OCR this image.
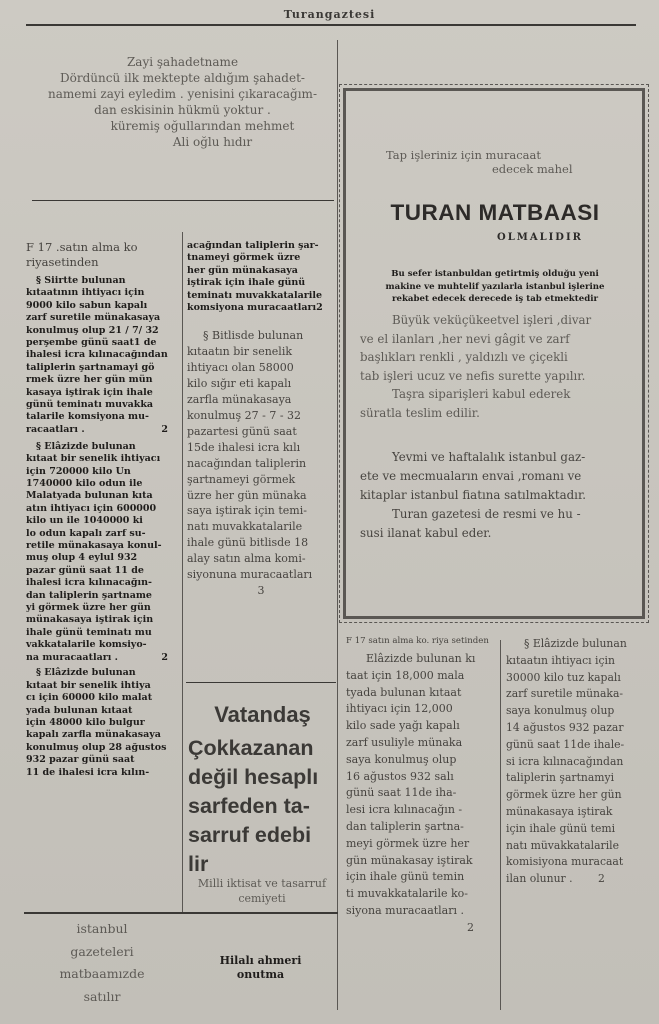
Turangaztesi

Zayi şahadetname

Dördüncü ilk mektepte aldığım şahadet-

namemi zayi eyledim . yenisini çıkaracağım-

dan eskisinin hükmü yoktur .

küremiş oğullarından mehmet

Ali oğlu hıdır

F 17 .satın alma ko riyasetinden

§ Siirtte bulunan

kıtaatının ihtiyacı için

9000 kilo sabun kapalı

zarf suretile münakasaya

konulmuş olup 21 / 7/ 32

perşembe günü saat1 de

ihalesi icra kılınacağından

taliplerin şartnamayi gö

rmek üzre her gün mün

kasaya iştirak için ihale

günü teminatı muvakka

talarile komsiyona mu-

racaatları .	2

§ Elâzizde bulunan

kıtaat bir senelik ihtiyacı

için 720000 kilo Un

1740000 kilo odun ile

Malatyada bulunan kıta

atın ihtiyacı için 600000

kilo un ile 1040000 ki

lo odun kapalı zarf su-

retile münakasaya konul-

muş olup 4 eylul 932

pazar günü saat 11 de

ihalesi icra kılınacağın-

dan taliplerin şartname

yi görmek üzre her gün

münakasaya iştirak için

ihale günü teminatı mu

vakkatalarile komsiyo-

na muracaatları .	2

§ Elâzizde bulunan

kıtaat bir senelik ihtiya

cı için 60000 kilo malat

yada bulunan kıtaat

için 48000 kilo bulgur

kapalı zarfla münakasaya

konulmuş olup 28 ağustos

932 pazar günü saat

11 de ihalesi icra kılın-

acağından taliplerin şar-

tnameyi görmek üzre

her gün münakasaya

iştirak için ihale günü

teminatı muvakkatalarile

komsiyona muracaatları2

§ Bitlisde bulunan

kıtaatın bir senelik

ihtiyacı olan 58000

kilo sığır eti kapalı

zarfla münakasaya

konulmuş 27 - 7 - 32

pazartesi günü saat

15de ihalesi icra kılı

nacağından taliplerin

şartnameyi görmek

üzre her gün münaka

saya iştirak için temi-

natı muvakkatalarile

ihale günü bitlisde 18

alay satın alma komi-

siyonuna muracaatları

3

Vatandaş

Çokkazanan

değil hesaplı

sarfeden ta-

sarruf edebi

lir

Milli iktisat ve tasarruf cemiyeti

istanbul

gazeteleri

matbaamızde

satılır

Hilalı ahmeri

onutma

Tap işleriniz için muracaat

edecek mahel

TURAN MATBAASI
OLMALIDIR

Bu sefer istanbuldan getirtmiş olduğu yeni

makine ve muhtelif yazılarla istanbul işlerine

rekabet edecek derecede iş tab etmektedir

Büyük veküçükeetvel işleri ,divar

ve el ilanları ,her nevi gâgit ve zarf

başlıkları renkli , yaldızlı ve çiçekli

tab işleri ucuz ve nefis surette yapılır.

Taşra siparişleri kabul ederek

süratla teslim edilir.

Yevmi ve haftalalık istanbul gaz-

ete ve mecmuaların envai ,romanı ve

kitaplar istanbul fiatına satılmaktadır.

Turan gazetesi de resmi ve hu -

susi ilanat kabul eder.

F 17 satın alma ko. riya setinden

Elâzizde bulunan kı

taat için 18,000 mala

tyada bulunan kıtaat

ihtiyacı için 12,000

kilo sade yağı kapalı

zarf usuliyle münaka

saya konulmuş olup

16 ağustos 932 salı

günü saat 11de iha-

lesi icra kılınacağın -

dan taliplerin şartna-

meyi görmek üzre her

gün münakasay iştirak

için ihale günü temin

ti muvakkatalarile ko-

siyona muracaatları .

2

§ Elâzizde bulunan

kıtaatın ihtiyacı için

30000 kilo tuz kapalı

zarf suretile münaka-

saya konulmuş olup

14 ağustos 932 pazar

günü saat 11de ihale-

si icra kılınacağından

taliplerin şartnamyi

görmek üzre her gün

münakasaya iştirak

için ihale günü temi

natı müvakkatalarile

komisiyona muracaat

ilan olunur . 2
